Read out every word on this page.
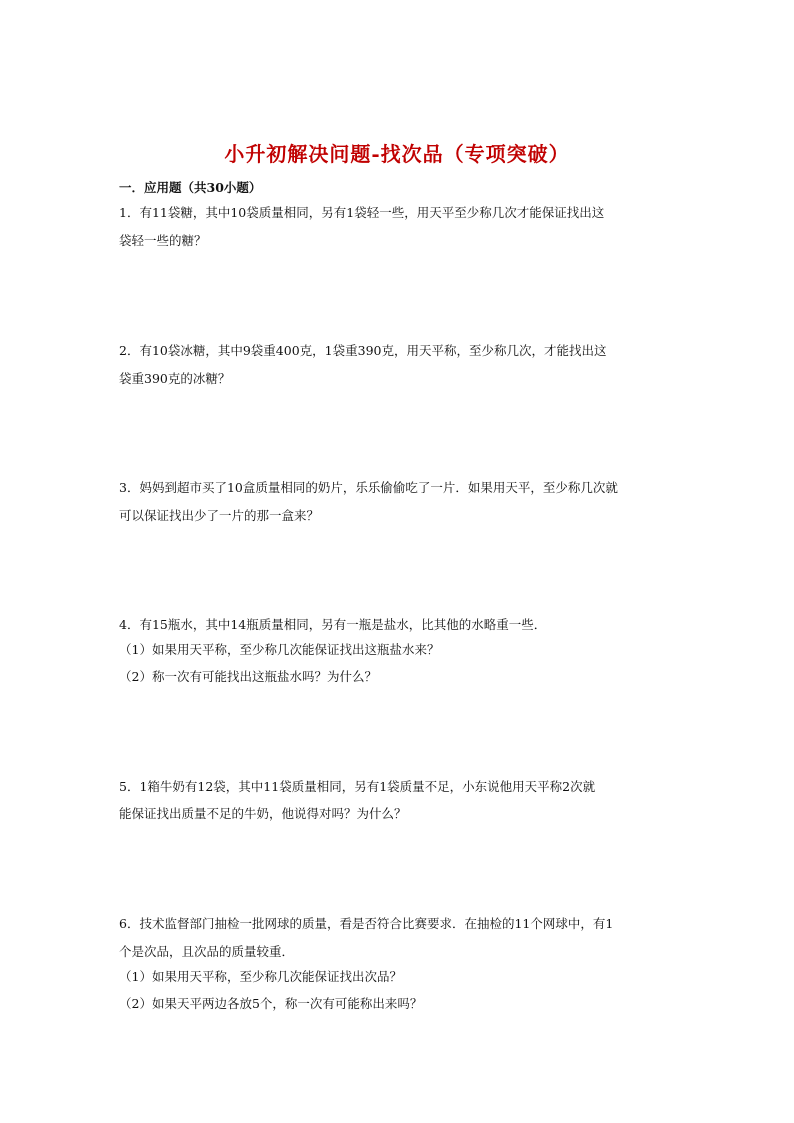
小升初解决问题-找次品（专项突破）
一．应用题（共30小题）
1．有11袋糖，其中10袋质量相同，另有1袋轻一些，用天平至少称几次才能保证找出这
袋轻一些的糖？
2．有10袋冰糖，其中9袋重400克，1袋重390克，用天平称，至少称几次，才能找出这
袋重390克的冰糖？
3．妈妈到超市买了10盒质量相同的奶片，乐乐偷偷吃了一片．如果用天平，至少称几次就
可以保证找出少了一片的那一盒来？
4．有15瓶水，其中14瓶质量相同，另有一瓶是盐水，比其他的水略重一些．
（1）如果用天平称，至少称几次能保证找出这瓶盐水来？
（2）称一次有可能找出这瓶盐水吗？为什么？
5．1箱牛奶有12袋，其中11袋质量相同，另有1袋质量不足，小东说他用天平称2次就
能保证找出质量不足的牛奶，他说得对吗？为什么？
6．技术监督部门抽检一批网球的质量，看是否符合比赛要求．在抽检的11个网球中，有1
个是次品，且次品的质量较重．
（1）如果用天平称，至少称几次能保证找出次品？
（2）如果天平两边各放5个，称一次有可能称出来吗？
